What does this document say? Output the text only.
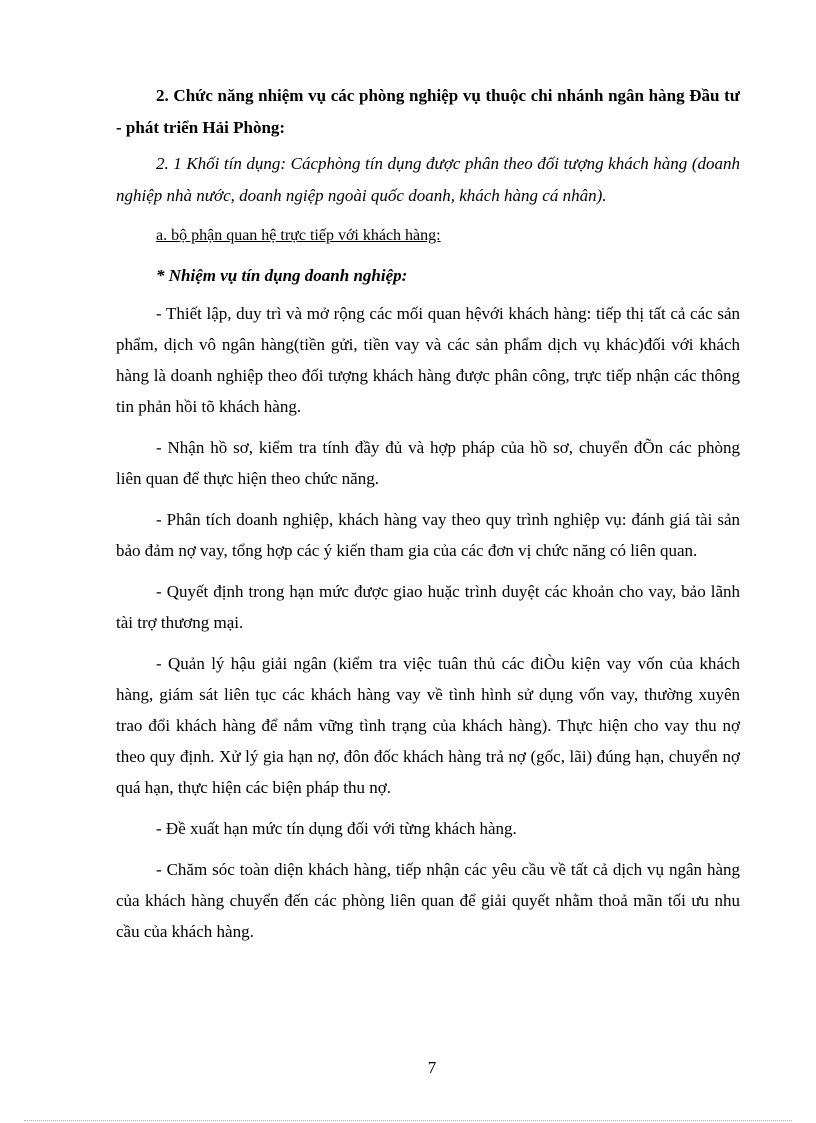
2. Chức năng nhiệm vụ các phòng nghiệp vụ thuộc chi nhánh ngân hàng Đầu tư - phát triển Hải Phòng:

2. 1 Khối tín dụng: Cácphòng tín dụng được phân theo đối tượng khách hàng (doanh nghiệp nhà nước, doanh ngiệp ngoài quốc doanh, khách hàng cá nhân).

a. bộ phận quan hệ trực tiếp với khách hàng:

* Nhiệm vụ tín dụng doanh nghiệp:

- Thiết lập, duy trì và mở rộng các mối quan hệvới khách hàng: tiếp thị tất cả các sản phẩm, dịch vô ngân hàng(tiền gửi, tiền vay và các sản phẩm dịch vụ khác)đối với khách hàng là doanh nghiệp theo đối tượng khách hàng được phân công, trực tiếp nhận các thông tin phản hồi tõ khách hàng.

- Nhận hồ sơ, kiểm tra tính đầy đủ và hợp pháp của hồ sơ, chuyển đÕn các phòng liên quan để thực hiện theo chức năng.

- Phân tích doanh nghiệp, khách hàng vay theo quy trình nghiệp vụ: đánh giá tài sản bảo đảm nợ vay, tổng hợp các ý kiến tham gia của các đơn vị chức năng có liên quan.

- Quyết định trong hạn mức được giao huặc trình duyệt các khoản cho vay, bảo lãnh tài trợ thương mại.

- Quản lý hậu giải ngân (kiểm tra việc tuân thủ các điÒu kiện vay vốn của khách hàng, giám sát liên tục các khách hàng vay về tình hình sử dụng vốn vay, thường xuyên trao đổi khách hàng để nắm vững tình trạng của khách hàng). Thực hiện cho vay thu nợ theo quy định. Xử lý gia hạn nợ, đôn đốc khách hàng trả nợ (gốc, lãi) đúng hạn, chuyển nợ quá hạn, thực hiện các biện pháp thu nợ.

- Đề xuất hạn mức tín dụng đối với từng khách hàng.

- Chăm sóc toàn diện khách hàng, tiếp nhận các yêu cầu về tất cả dịch vụ ngân hàng của khách hàng chuyển đến các phòng liên quan để giải quyết nhằm thoả mãn tối ưu nhu cầu của khách hàng.

7
